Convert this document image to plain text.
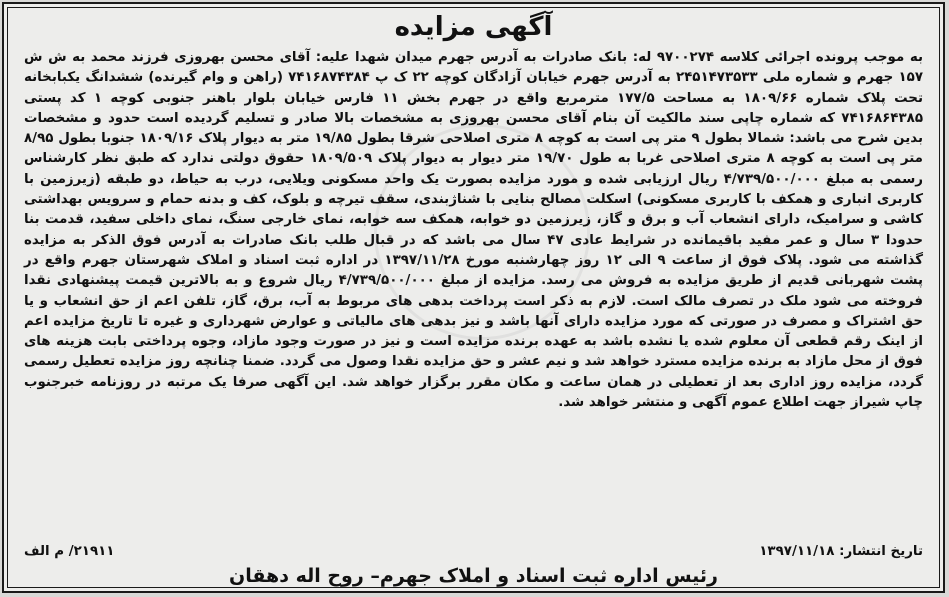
آگهی مزایده
به موجب پرونده اجرائی کلاسه ۹۷۰۰۲۷۴ له: بانک صادرات به آدرس جهرم میدان شهدا علیه: آقای محسن بهروزی فرزند محمد به ش ش ۱۵۷ جهرم و شماره ملی ۲۴۵۱۴۷۳۵۳۳ به آدرس جهرم خیابان آزادگان کوچه ۲۲ ک پ ۷۴۱۶۸۷۴۳۸۴ (راهن و وام گیرنده) ششدانگ یکبابخانه تحت پلاک شماره ۱۸۰۹/۶۶ به مساحت ۱۷۷/۵ مترمربع واقع در جهرم بخش ۱۱ فارس خیابان بلوار باهنر جنوبی کوچه ۱ کد پستی ۷۴۱۶۸۶۴۳۸۵ که شماره چاپی سند مالکیت آن بنام آقای محسن بهروزی به مشخصات بالا صادر و تسلیم گردیده است حدود و مشخصات بدین شرح می باشد: شمالا بطول ۹ متر پی است به کوچه ۸ متری اصلاحی شرقا بطول ۱۹/۸۵ متر به دیوار پلاک ۱۸۰۹/۱۶ جنوبا بطول ۸/۹۵ متر پی است به کوچه ۸ متری اصلاحی غربا به طول ۱۹/۷۰ متر دیوار به دیوار پلاک ۱۸۰۹/۵۰۹ حقوق دولتی ندارد که طبق نظر کارشناس رسمی به مبلغ ۴/۷۳۹/۵۰۰/۰۰۰ ریال ارزیابی شده و مورد مزایده بصورت یک واحد مسکونی ویلایی، درب به حیاط، دو طبقه (زیرزمین با کاربری انباری و همکف با کاربری مسکونی) اسکلت مصالح بنایی با شناژبندی، سقف تیرچه و بلوک، کف و بدنه حمام و سرویس بهداشتی کاشی و سرامیک، دارای انشعاب آب و برق و گاز، زیرزمین دو خوابه، همکف سه خوابه، نمای خارجی سنگ، نمای داخلی سفید، قدمت بنا حدودا ۳ سال و عمر مفید باقیمانده در شرایط عادی ۴۷ سال می باشد که در قبال طلب بانک صادرات به آدرس فوق الذکر به مزایده گذاشته می شود. پلاک فوق از ساعت ۹ الی ۱۲ روز چهارشنبه مورخ ۱۳۹۷/۱۱/۲۸ در اداره ثبت اسناد و املاک شهرستان جهرم واقع در پشت شهربانی قدیم از طریق مزایده به فروش می رسد. مزایده از مبلغ ۴/۷۳۹/۵۰۰/۰۰۰ ریال شروع و به بالاترین قیمت پیشنهادی نقدا فروخته می شود ملک در تصرف مالک است. لازم به ذکر است پرداخت بدهی های مربوط به آب، برق، گاز، تلفن اعم از حق انشعاب و یا حق اشتراک و مصرف در صورتی که مورد مزایده دارای آنها باشد و نیز بدهی های مالیاتی و عوارض شهرداری و غیره تا تاریخ مزایده اعم از اینک رقم قطعی آن معلوم شده یا نشده باشد به عهده برنده مزایده است و نیز در صورت وجود مازاد، وجوه پرداختی بابت هزینه های فوق از محل مازاد به برنده مزایده مسترد خواهد شد و نیم عشر و حق مزایده نقدا وصول می گردد. ضمنا چنانچه روز مزایده تعطیل رسمی گردد، مزایده روز اداری بعد از تعطیلی در همان ساعت و مکان مقرر برگزار خواهد شد. این آگهی صرفا یک مرتبه در روزنامه خبرجنوب چاپ شیراز جهت اطلاع عموم آگهی و منتشر خواهد شد.
تاریخ انتشار: ۱۳۹۷/۱۱/۱۸
۲۱۹۱۱/ م الف
رئیس اداره ثبت اسناد و املاک جهرم– روح اله دهقان
